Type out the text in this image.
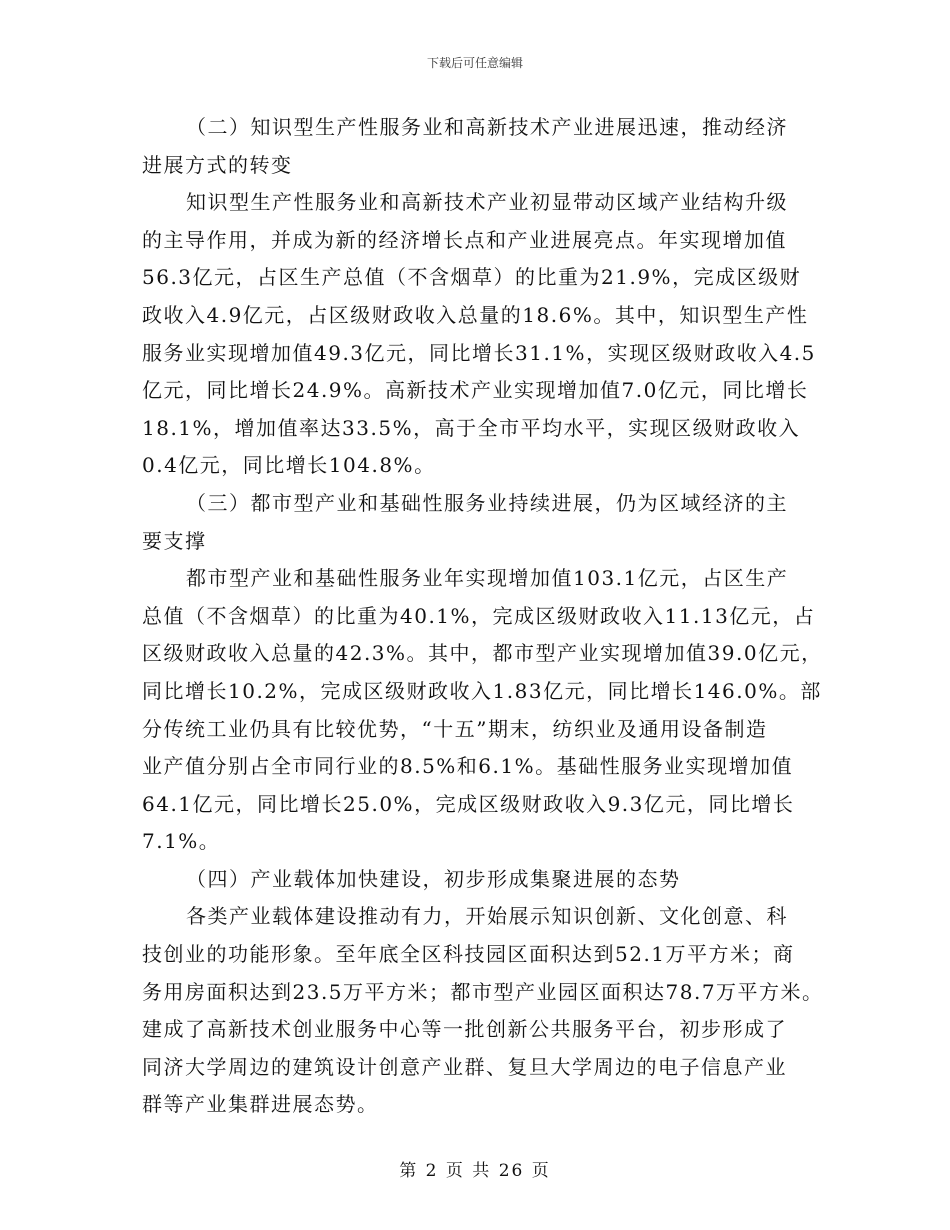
下载后可任意编辑
（二）知识型生产性服务业和高新技术产业进展迅速，推动经济
进展方式的转变
知识型生产性服务业和高新技术产业初显带动区域产业结构升级
的主导作用，并成为新的经济增长点和产业进展亮点。年实现增加值
56.3亿元，占区生产总值（不含烟草）的比重为21.9%，完成区级财
政收入4.9亿元，占区级财政收入总量的18.6%。其中，知识型生产性
服务业实现增加值49.3亿元，同比增长31.1%，实现区级财政收入4.5
亿元，同比增长24.9%。高新技术产业实现增加值7.0亿元，同比增长
18.1%，增加值率达33.5%，高于全市平均水平，实现区级财政收入
0.4亿元，同比增长104.8%。
（三）都市型产业和基础性服务业持续进展，仍为区域经济的主
要支撑
都市型产业和基础性服务业年实现增加值103.1亿元，占区生产
总值（不含烟草）的比重为40.1%，完成区级财政收入11.13亿元，占
区级财政收入总量的42.3%。其中，都市型产业实现增加值39.0亿元，
同比增长10.2%，完成区级财政收入1.83亿元，同比增长146.0%。部
分传统工业仍具有比较优势，“十五”期末，纺织业及通用设备制造
业产值分别占全市同行业的8.5%和6.1%。基础性服务业实现增加值
64.1亿元，同比增长25.0%，完成区级财政收入9.3亿元，同比增长
7.1%。
（四）产业载体加快建设，初步形成集聚进展的态势
各类产业载体建设推动有力，开始展示知识创新、文化创意、科
技创业的功能形象。至年底全区科技园区面积达到52.1万平方米；商
务用房面积达到23.5万平方米；都市型产业园区面积达78.7万平方米。
建成了高新技术创业服务中心等一批创新公共服务平台，初步形成了
同济大学周边的建筑设计创意产业群、复旦大学周边的电子信息产业
群等产业集群进展态势。
第 2 页 共 26 页
